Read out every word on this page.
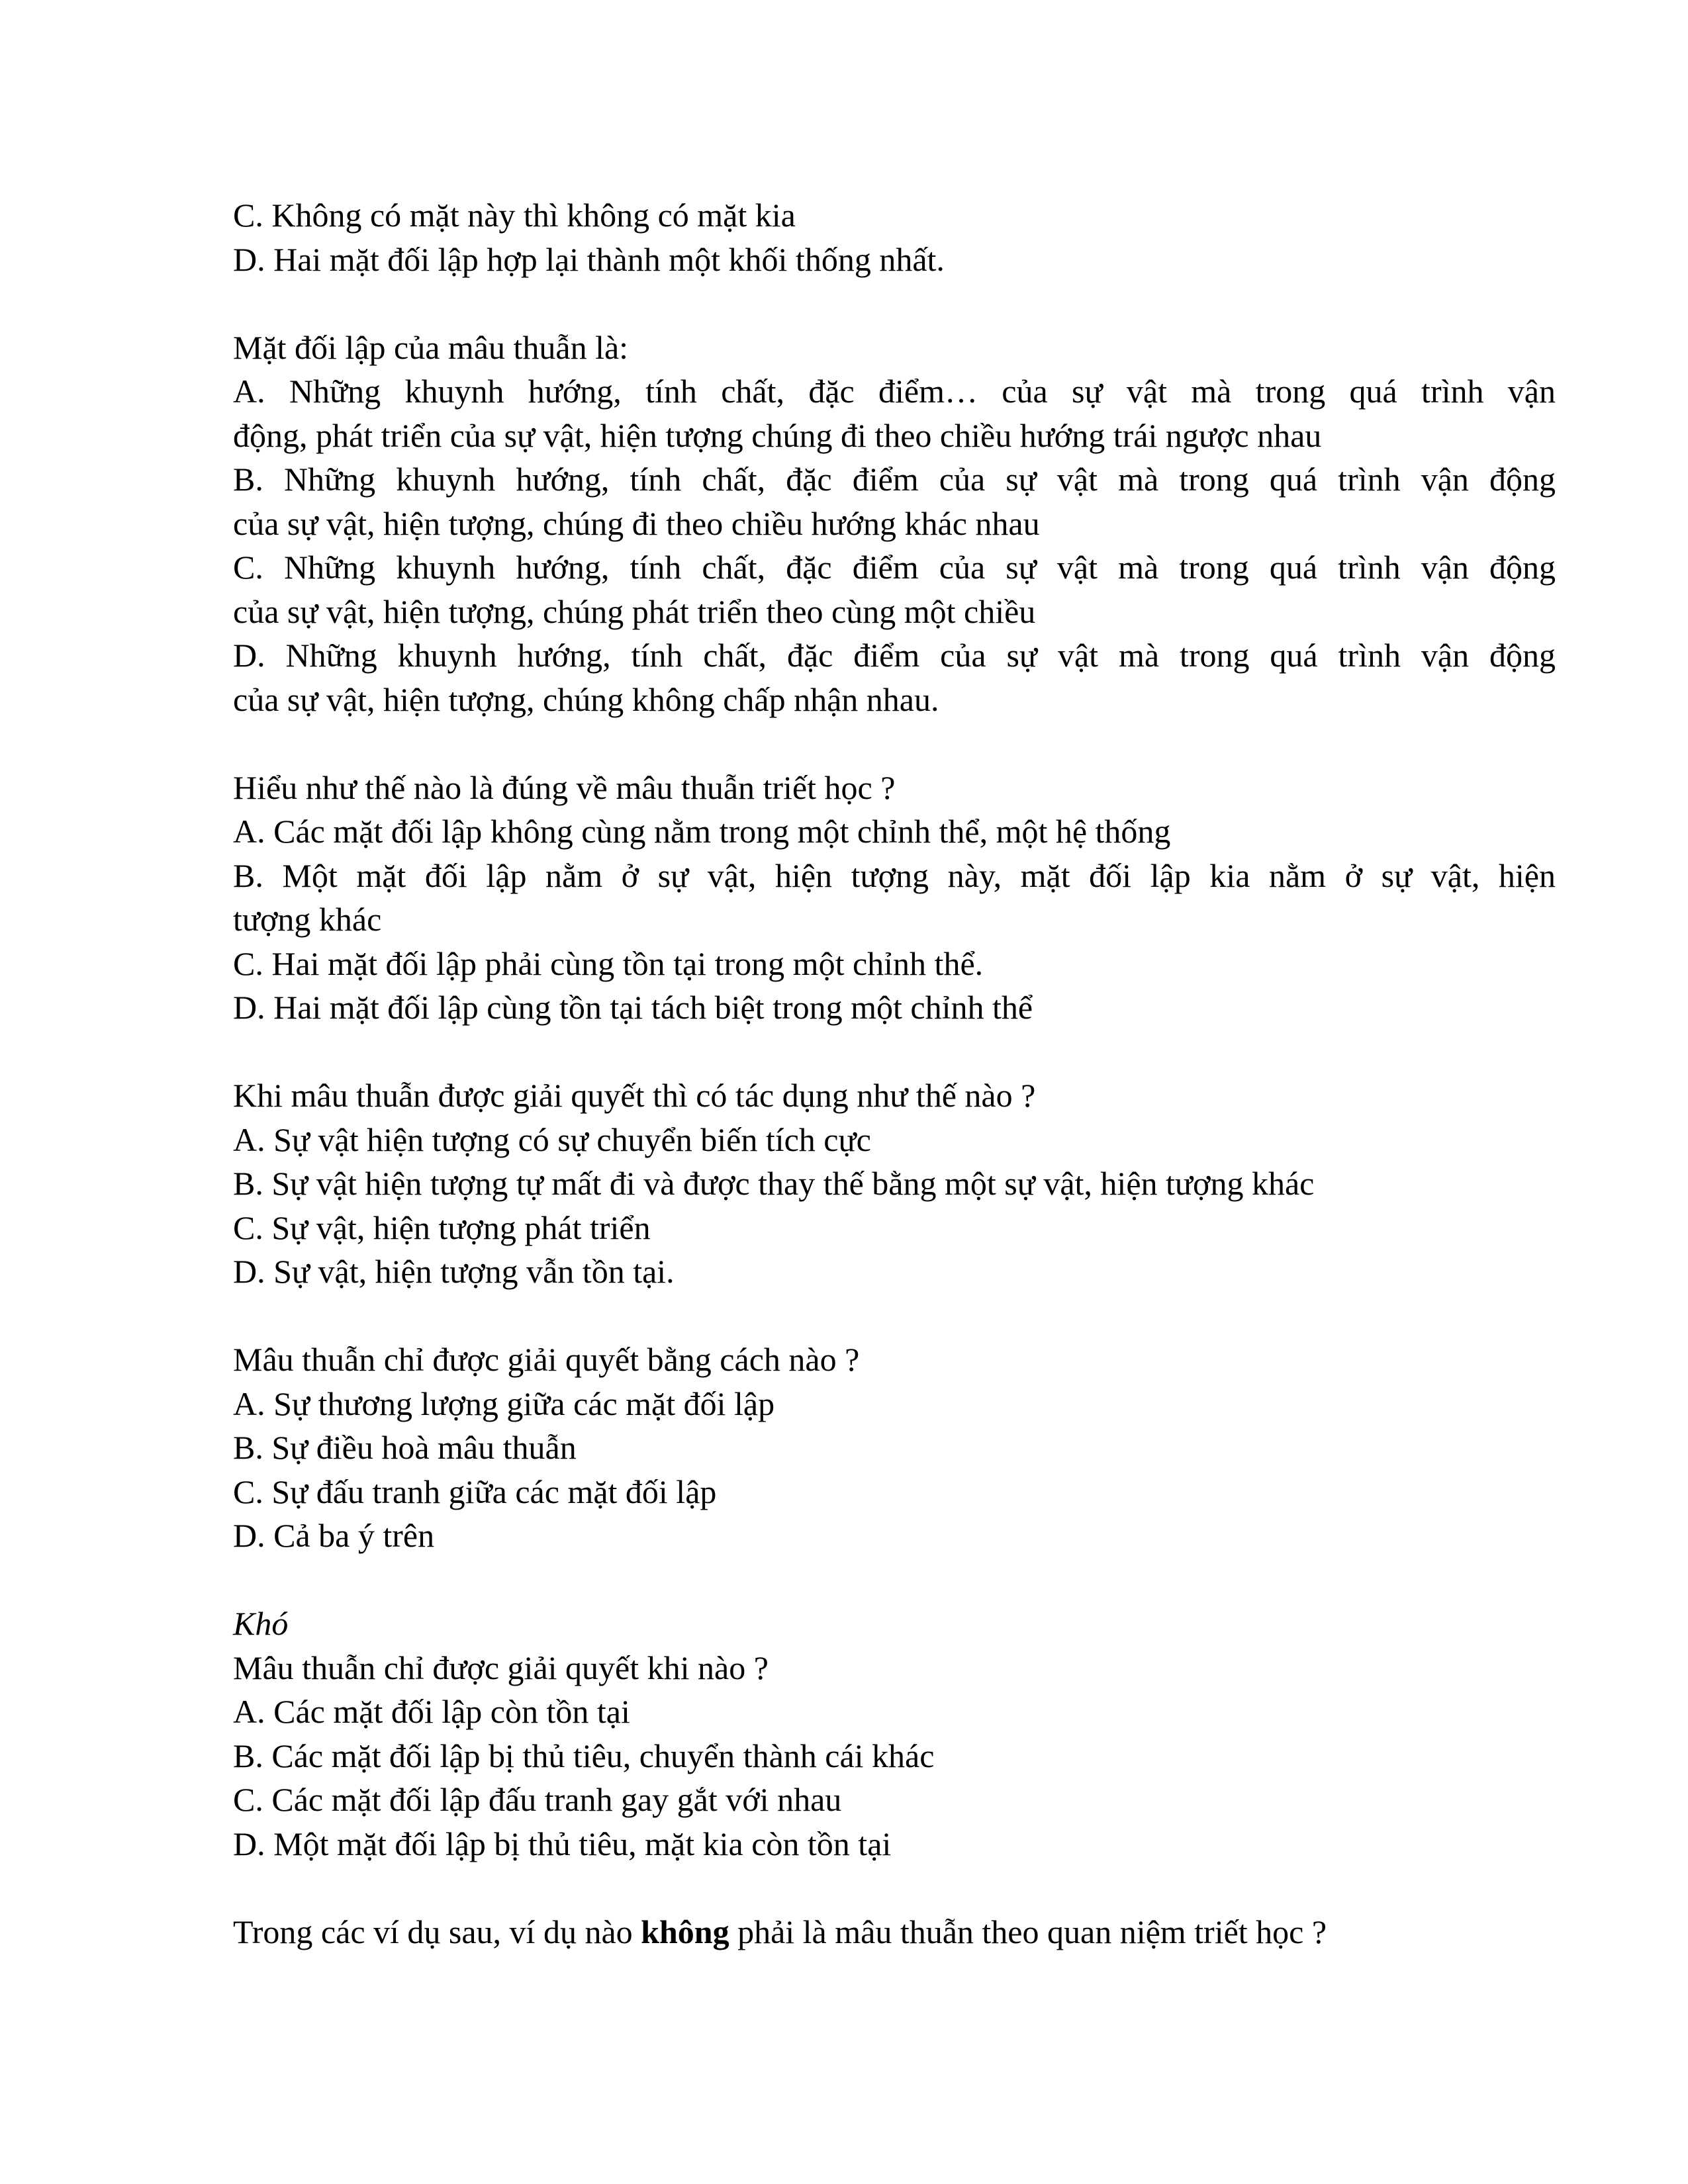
C. Không có mặt này thì không có mặt kia
D. Hai mặt đối lập hợp lại thành một khối thống nhất.
Mặt đối lập của mâu thuẫn là:
A. Những khuynh hướng, tính chất, đặc điểm… của sự vật mà trong quá trình vận
động, phát triển của sự vật, hiện tượng chúng đi theo chiều hướng trái ngược nhau
B. Những khuynh hướng, tính chất, đặc điểm của sự vật mà trong quá trình vận động
của sự vật, hiện tượng, chúng đi theo chiều hướng khác nhau
C. Những khuynh hướng, tính chất, đặc điểm của sự vật mà trong quá trình vận động
của sự vật, hiện tượng, chúng phát triển theo cùng một chiều
D. Những khuynh hướng, tính chất, đặc điểm của sự vật mà trong quá trình vận động
của sự vật, hiện tượng, chúng không chấp nhận nhau.
Hiểu như thế nào là đúng về mâu thuẫn triết học ?
A. Các mặt đối lập không cùng nằm trong một chỉnh thể, một hệ thống
B. Một mặt đối lập nằm ở sự vật, hiện tượng này, mặt đối lập kia nằm ở sự vật, hiện
tượng khác
C. Hai mặt đối lập phải cùng tồn tại trong một chỉnh thể.
D. Hai mặt đối lập cùng tồn tại tách biệt trong một chỉnh thể
Khi mâu thuẫn được giải quyết thì có tác dụng như thế nào ?
A. Sự vật hiện tượng có sự chuyển biến tích cực
B. Sự vật hiện tượng tự mất đi và được thay thế bằng một sự vật, hiện tượng khác
C. Sự vật, hiện tượng phát triển
D. Sự vật, hiện tượng vẫn tồn tại.
Mâu thuẫn chỉ được giải quyết bằng cách nào ?
A. Sự thương lượng giữa các mặt đối lập
B. Sự điều hoà mâu thuẫn
C. Sự đấu tranh giữa các mặt đối lập
D. Cả ba ý trên
Khó
Mâu thuẫn chỉ được giải quyết khi nào ?
A. Các mặt đối lập còn tồn tại
B. Các mặt đối lập bị thủ tiêu, chuyển thành cái khác
C. Các mặt đối lập đấu tranh gay gắt với nhau
D. Một mặt đối lập bị thủ tiêu, mặt kia còn tồn tại
Trong các ví dụ sau, ví dụ nào không phải là mâu thuẫn theo quan niệm triết học ?
